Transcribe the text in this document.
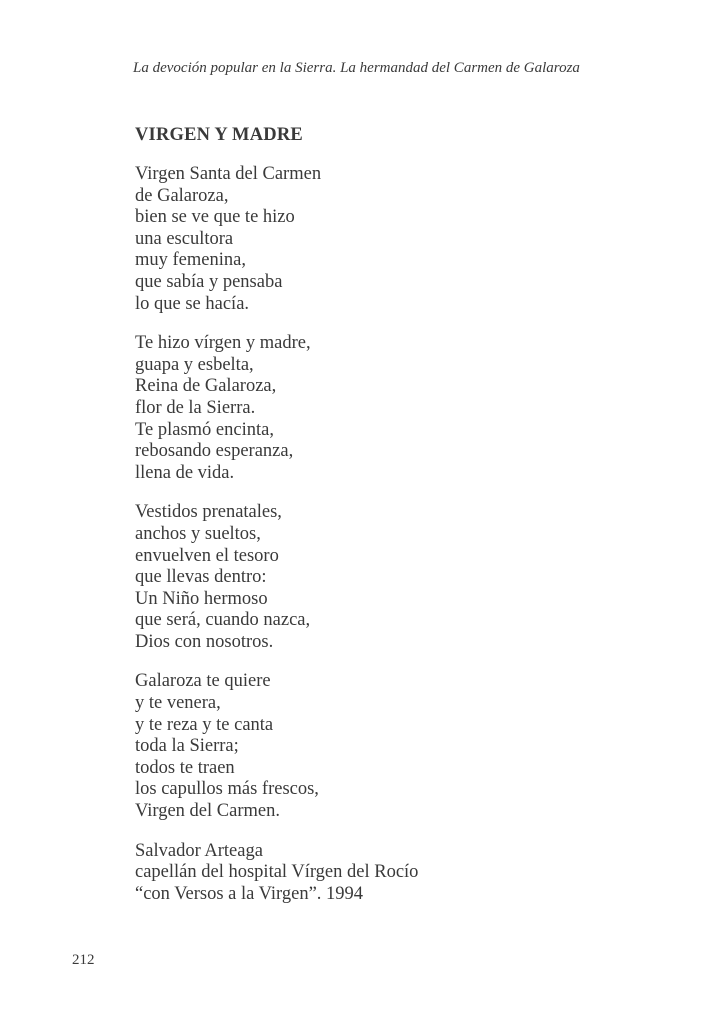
La devoción popular en la Sierra. La hermandad del Carmen de Galaroza
VIRGEN Y MADRE
Virgen Santa del Carmen
de Galaroza,
bien se ve que te hizo
una escultora
muy femenina,
que sabía y pensaba
lo que se hacía.
Te hizo vírgen y madre,
guapa y esbelta,
Reina de Galaroza,
flor de la Sierra.
Te plasmó encinta,
rebosando esperanza,
llena de vida.
Vestidos prenatales,
anchos y sueltos,
envuelven el tesoro
que llevas dentro:
Un Niño hermoso
que será, cuando nazca,
Dios con nosotros.
Galaroza te quiere
y te venera,
y te reza y te canta
toda la Sierra;
todos te traen
los capullos más frescos,
Virgen del Carmen.
Salvador Arteaga
capellán del hospital Vírgen del Rocío
“con Versos a la Virgen”. 1994
212
